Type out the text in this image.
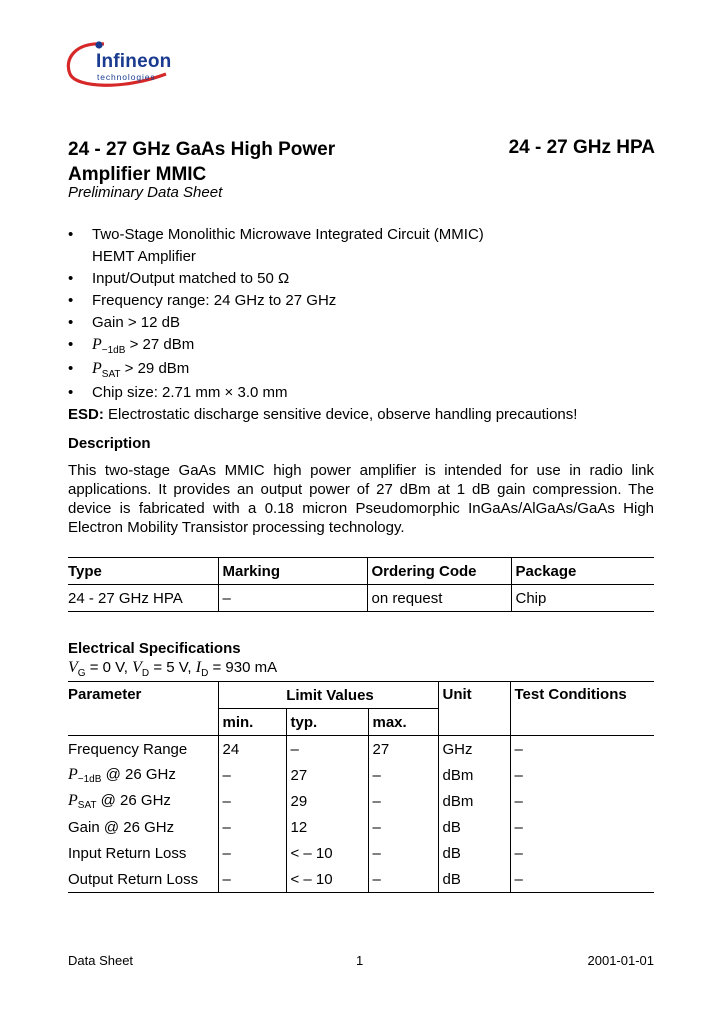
Infineon
technologies
24 - 27 GHz GaAs High Power
Amplifier MMIC
24 - 27 GHz HPA
Preliminary Data Sheet
• Two-Stage Monolithic Microwave Integrated Circuit (MMIC)
HEMT Amplifier
• Input/Output matched to 50 Ω
• Frequency range: 24 GHz to 27 GHz
• Gain > 12 dB
• $P_{-1dB} > 27$ dBm
• $P_{SAT} > 29$ dBm
• Chip size: 2.71 mm × 3.0 mm
ESD: Electrostatic discharge sensitive device, observe handling precautions!
Description
This two-stage GaAs MMIC high power amplifier is intended for use in radio link applications. It provides an output power of 27 dBm at 1 dB gain compression. The device is fabricated with a 0.18 micron Pseudomorphic InGaAs/AlGaAs/GaAs High Electron Mobility Transistor processing technology.
Type	Marking	Ordering Code	Package
24 - 27 GHz HPA	–	on request	Chip
Electrical Specifications
$V_G = 0$ V, $V_D = 5$ V, $I_D = 930$ mA
Parameter	Limit Values			Unit	Test Conditions
	min.	typ.	max.		
Frequency Range	24	–	27	GHz	–
$P_{-1dB}$ @ 26 GHz	–	27	–	dBm	–
$P_{SAT}$ @ 26 GHz	–	29	–	dBm	–
Gain @ 26 GHz	–	12	–	dB	–
Input Return Loss	–	< – 10	–	dB	–
Output Return Loss	–	< – 10	–	dB	–
Data Sheet	1	2001-01-01
